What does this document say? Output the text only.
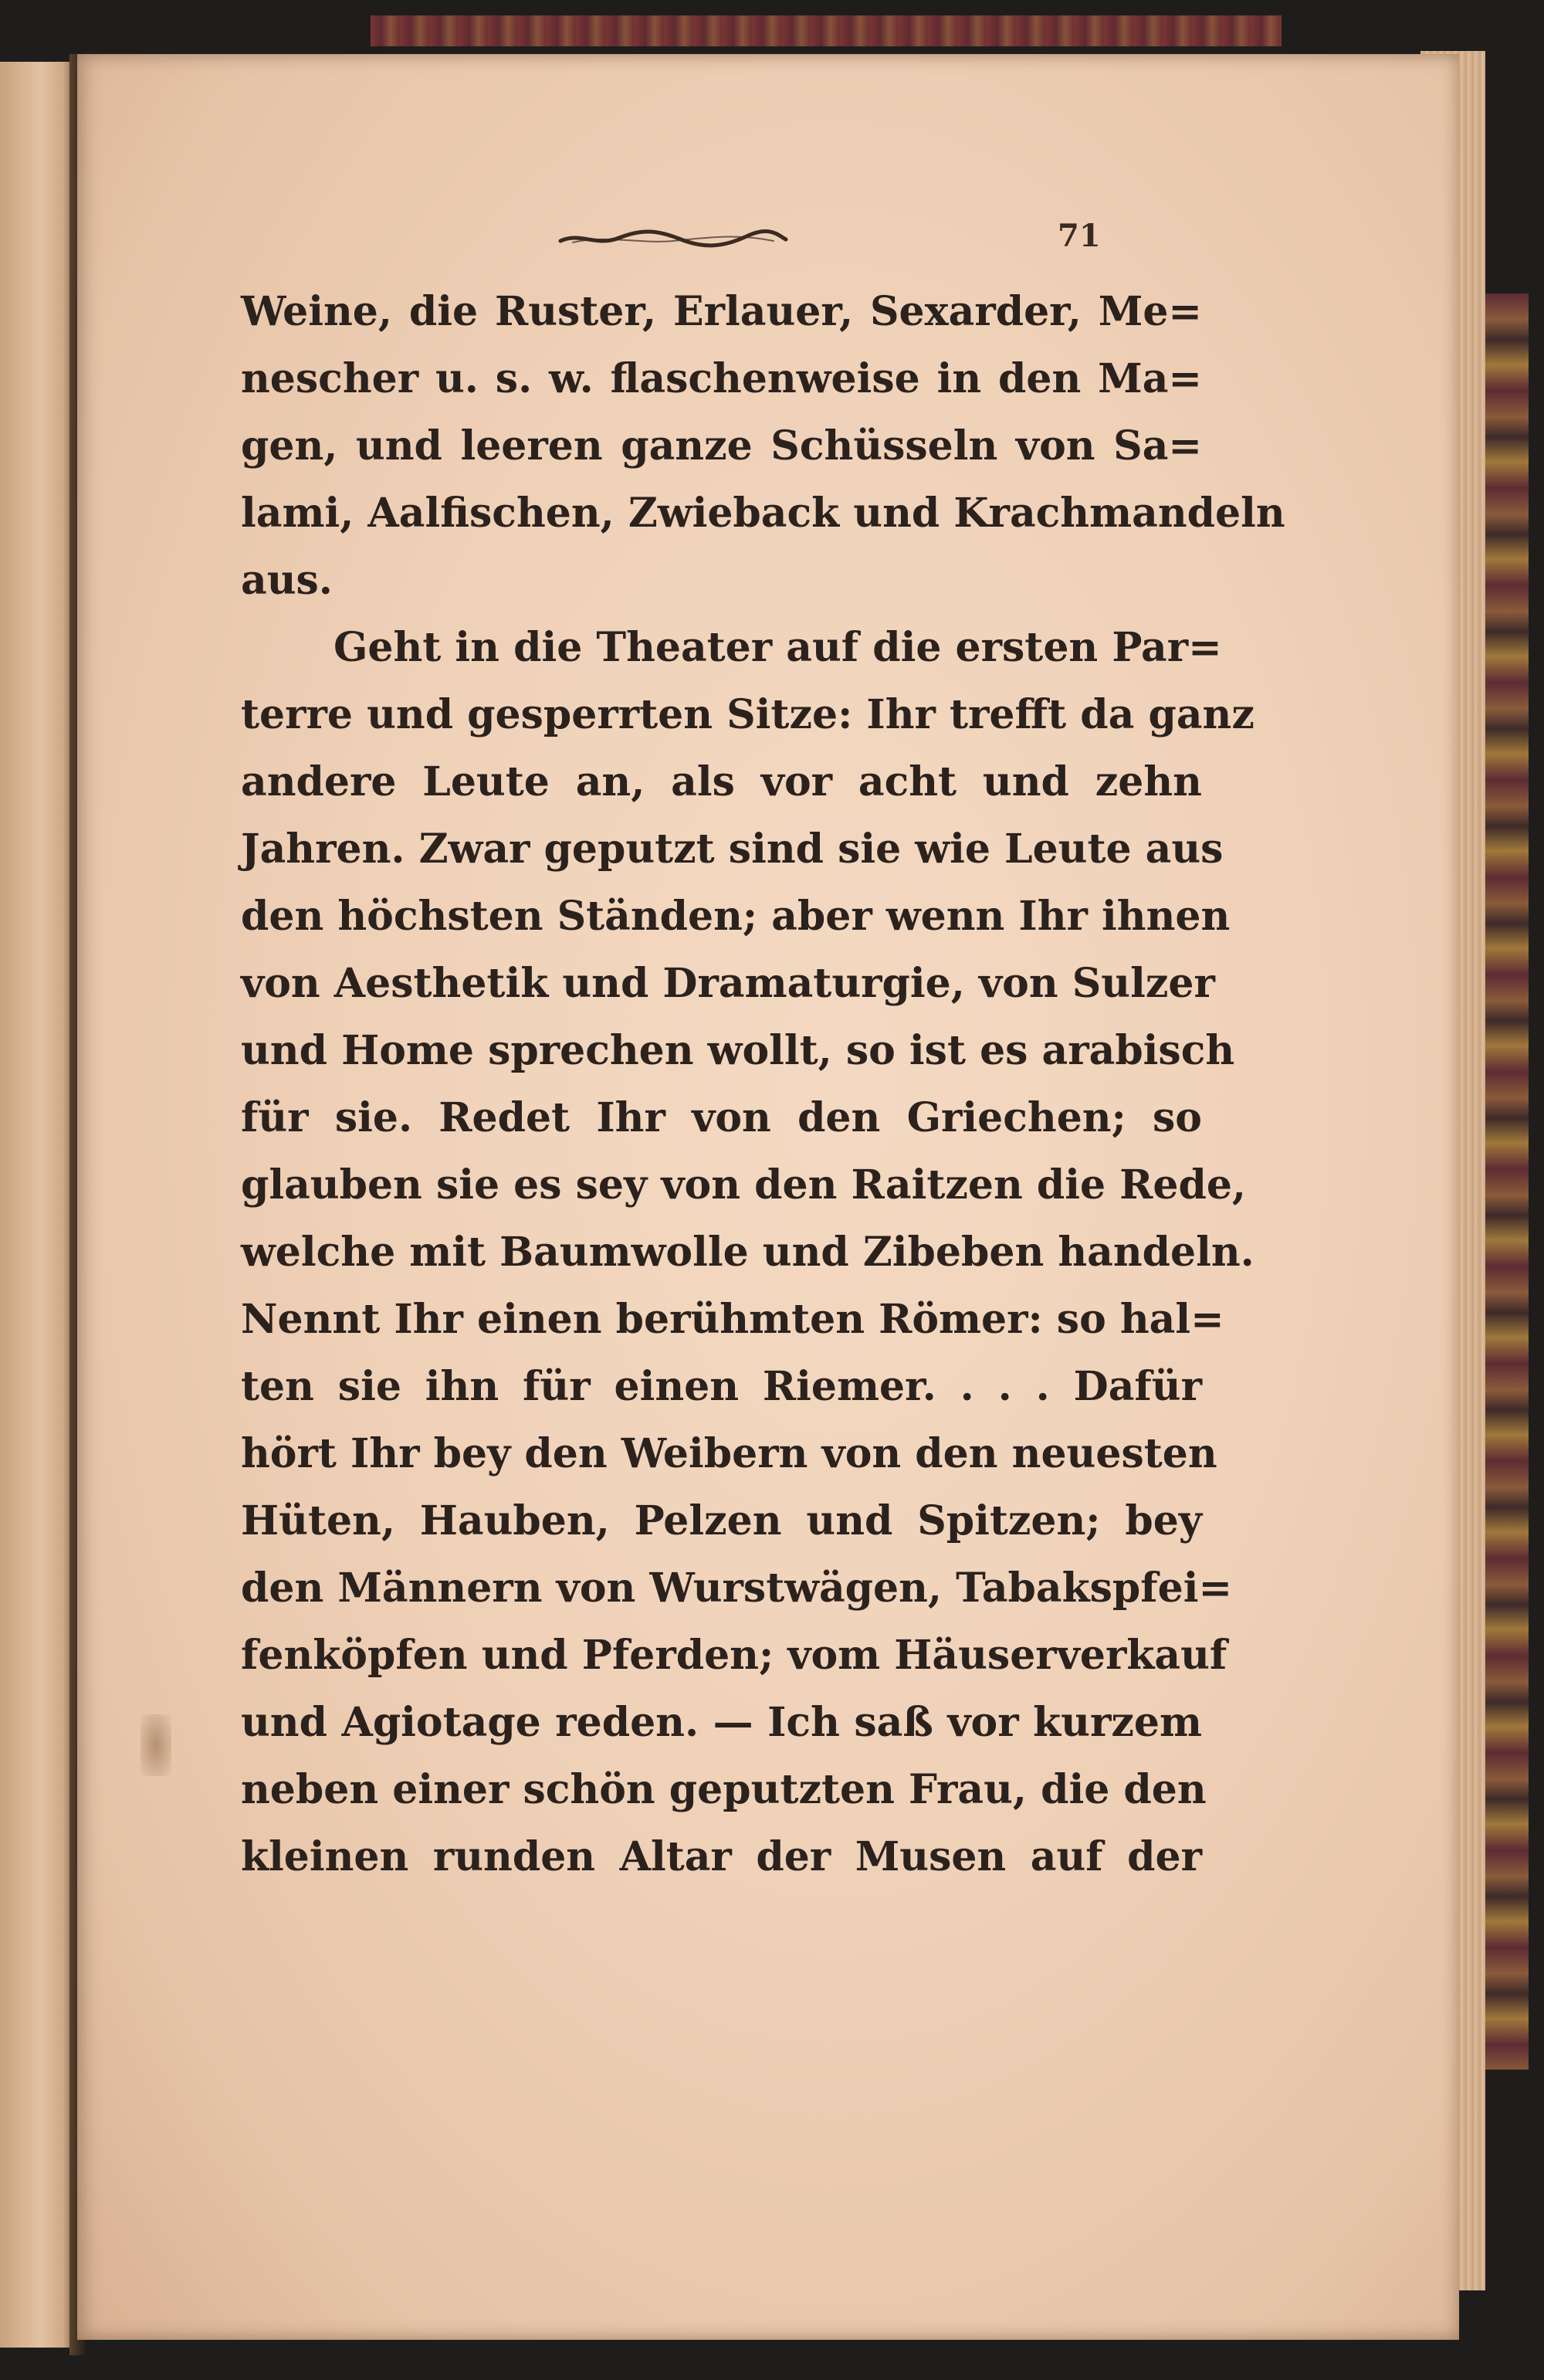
71

Weine, die Ruster, Erlauer, Sexarder, Me=
nescher u. s. w. flaschenweise in den Ma=
gen, und leeren ganze Schüsseln von Sa=
lami, Aalfischen, Zwieback und Krachmandeln
aus.
Geht in die Theater auf die ersten Par=
terre und gesperrten Sitze: Ihr trefft da ganz
andere Leute an, als vor acht und zehn
Jahren. Zwar geputzt sind sie wie Leute aus
den höchsten Ständen; aber wenn Ihr ihnen
von Aesthetik und Dramaturgie, von Sulzer
und Home sprechen wollt, so ist es arabisch
für sie. Redet Ihr von den Griechen; so
glauben sie es sey von den Raitzen die Rede,
welche mit Baumwolle und Zibeben handeln.
Nennt Ihr einen berühmten Römer: so hal=
ten sie ihn für einen Riemer. . . . Dafür
hört Ihr bey den Weibern von den neuesten
Hüten, Hauben, Pelzen und Spitzen; bey
den Männern von Wurstwägen, Tabakspfei=
fenköpfen und Pferden; vom Häuserverkauf
und Agiotage reden. — Ich saß vor kurzem
neben einer schön geputzten Frau, die den
kleinen runden Altar der Musen auf der
